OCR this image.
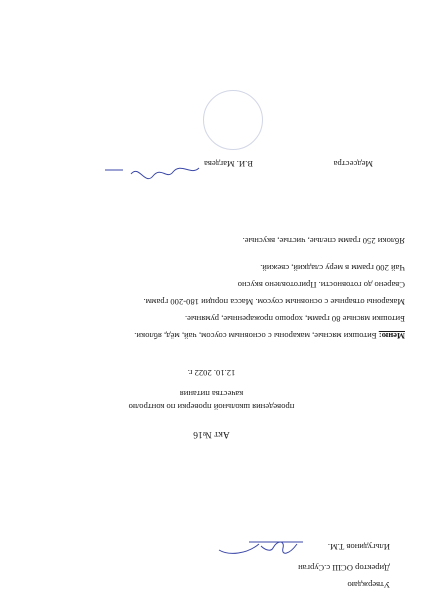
Утверждаю
Директор ОСШ с.Сурган
Ильгудинов Т.М.
Акт №16
проведения школьной проверки по контролю
качества питания
12.10. 2022 г.
Меню: Битошки мясные, макароны с основным соусом, чай, мёд, яблоки.
Битошки мясные 80 грамм, хорошо прожаренные, румяные.
Макароны отварные с основным соусом. Масса порции 180-200 грамм.
Сварено до готовности. Приготовлено вкусно
Чай 200 грамм в меру сладкий, свежий.
Яблоки 250 грамм спелые, чистые, вкусные.
Медсестра
В.И. Магдева
